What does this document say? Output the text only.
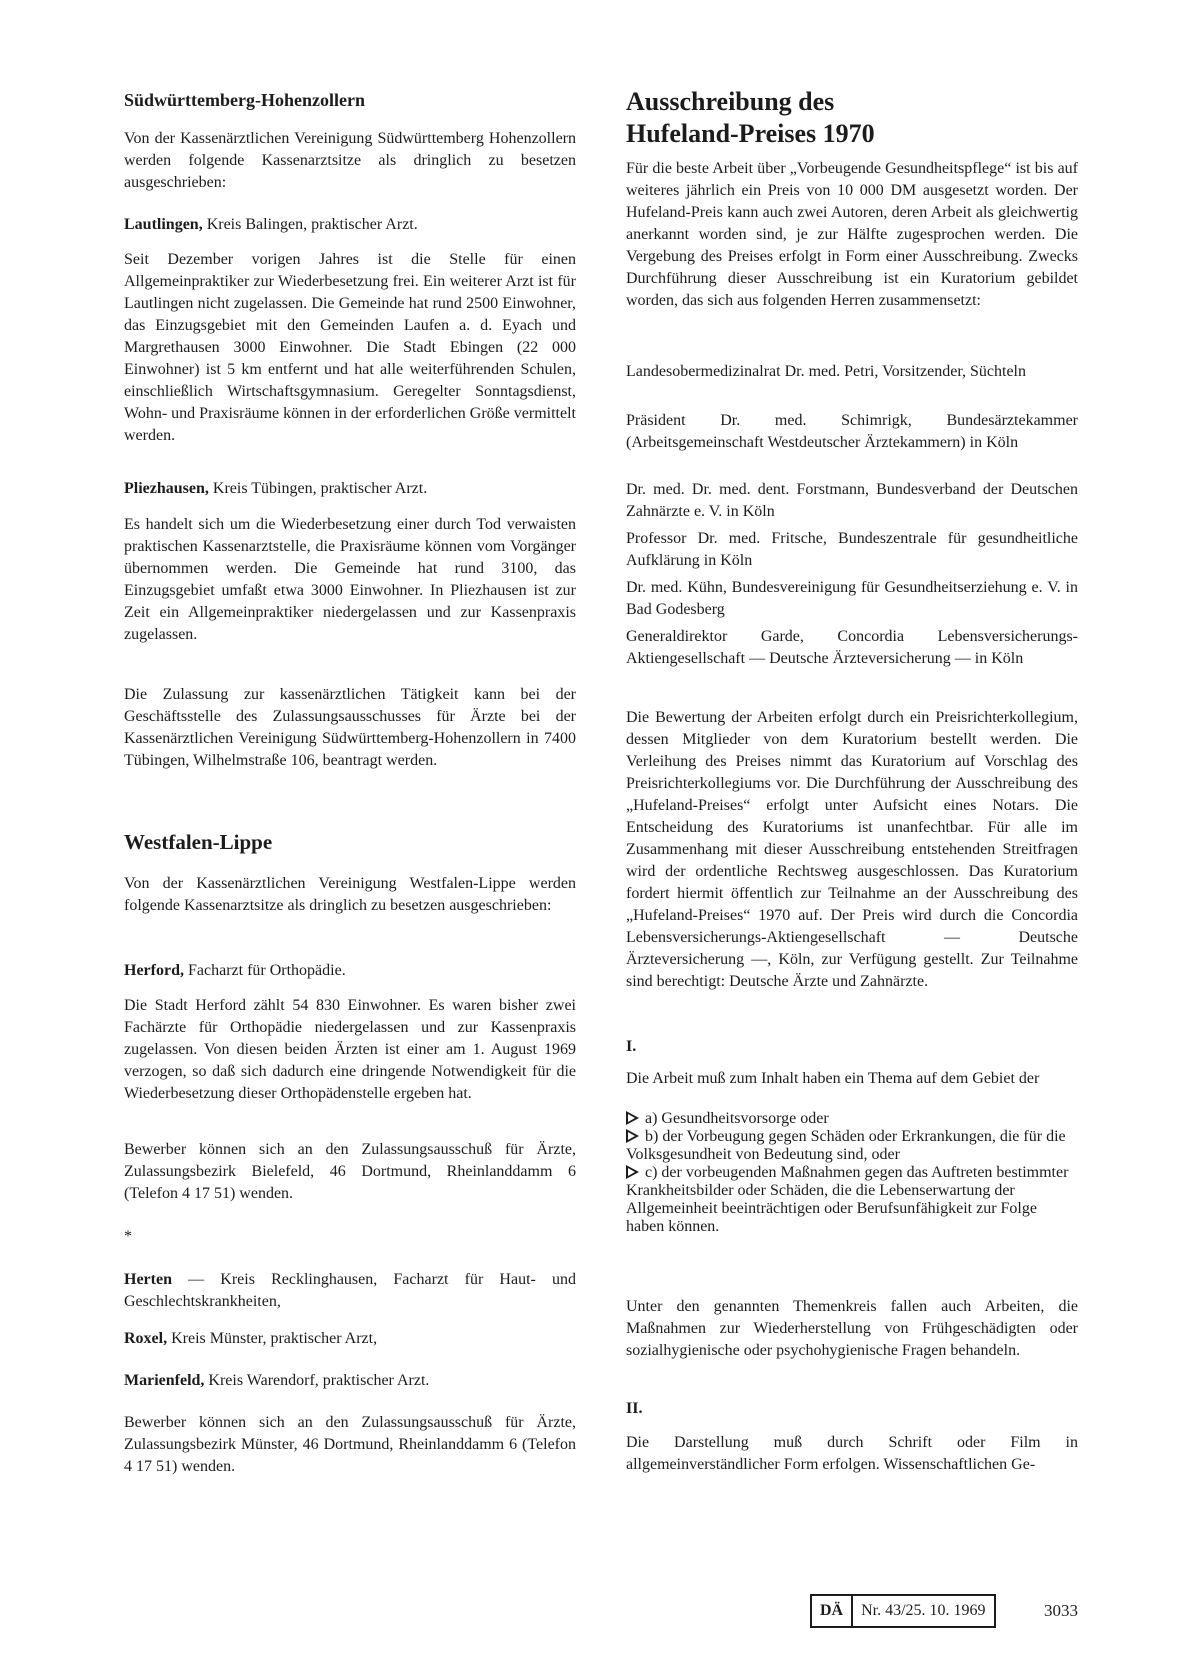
Südwürttemberg-Hohenzollern

Von der Kassenärztlichen Vereinigung Südwürttemberg Hohenzollern werden folgende Kassenarztsitze als dringlich zu besetzen ausgeschrieben:

Lautlingen, Kreis Balingen, praktischer Arzt.

Seit Dezember vorigen Jahres ist die Stelle für einen Allgemeinpraktiker zur Wiederbesetzung frei. Ein weiterer Arzt ist für Lautlingen nicht zugelassen. Die Gemeinde hat rund 2500 Einwohner, das Einzugsgebiet mit den Gemeinden Laufen a. d. Eyach und Margrethausen 3000 Einwohner. Die Stadt Ebingen (22 000 Einwohner) ist 5 km entfernt und hat alle weiterführenden Schulen, einschließlich Wirtschaftsgymnasium. Geregelter Sonntagsdienst, Wohn- und Praxisräume können in der erforderlichen Größe vermittelt werden.

Pliezhausen, Kreis Tübingen, praktischer Arzt.

Es handelt sich um die Wiederbesetzung einer durch Tod verwaisten praktischen Kassenarztstelle, die Praxisräume können vom Vorgänger übernommen werden. Die Gemeinde hat rund 3100, das Einzugsgebiet umfaßt etwa 3000 Einwohner. In Pliezhausen ist zur Zeit ein Allgemeinpraktiker niedergelassen und zur Kassenpraxis zugelassen.

Die Zulassung zur kassenärztlichen Tätigkeit kann bei der Geschäftsstelle des Zulassungsausschusses für Ärzte bei der Kassenärztlichen Vereinigung Südwürttemberg-Hohenzollern in 7400 Tübingen, Wilhelmstraße 106, beantragt werden.

Westfalen-Lippe

Von der Kassenärztlichen Vereinigung Westfalen-Lippe werden folgende Kassenarztsitze als dringlich zu besetzen ausgeschrieben:

Herford, Facharzt für Orthopädie.

Die Stadt Herford zählt 54 830 Einwohner. Es waren bisher zwei Fachärzte für Orthopädie niedergelassen und zur Kassenpraxis zugelassen. Von diesen beiden Ärzten ist einer am 1. August 1969 verzogen, so daß sich dadurch eine dringende Notwendigkeit für die Wiederbesetzung dieser Orthopädenstelle ergeben hat.

Bewerber können sich an den Zulassungsausschuß für Ärzte, Zulassungsbezirk Bielefeld, 46 Dortmund, Rheinlanddamm 6 (Telefon 4 17 51) wenden.

*

Herten — Kreis Recklinghausen, Facharzt für Haut- und Geschlechtskrankheiten,

Roxel, Kreis Münster, praktischer Arzt,

Marienfeld, Kreis Warendorf, praktischer Arzt.

Bewerber können sich an den Zulassungsausschuß für Ärzte, Zulassungsbezirk Münster, 46 Dortmund, Rheinlanddamm 6 (Telefon 4 17 51) wenden.

Ausschreibung des
Hufeland-Preises 1970

Für die beste Arbeit über „Vorbeugende Gesundheitspflege“ ist bis auf weiteres jährlich ein Preis von 10 000 DM ausgesetzt worden. Der Hufeland-Preis kann auch zwei Autoren, deren Arbeit als gleichwertig anerkannt worden sind, je zur Hälfte zugesprochen werden. Die Vergebung des Preises erfolgt in Form einer Ausschreibung. Zwecks Durchführung dieser Ausschreibung ist ein Kuratorium gebildet worden, das sich aus folgenden Herren zusammensetzt:

Landesobermedizinalrat Dr. med. Petri, Vorsitzender, Süchteln

Präsident Dr. med. Schimrigk, Bundesärztekammer (Arbeitsgemeinschaft Westdeutscher Ärztekammern) in Köln

Dr. med. Dr. med. dent. Forstmann, Bundesverband der Deutschen Zahnärzte e. V. in Köln

Professor Dr. med. Fritsche, Bundeszentrale für gesundheitliche Aufklärung in Köln

Dr. med. Kühn, Bundesvereinigung für Gesundheitserziehung e. V. in Bad Godesberg

Generaldirektor Garde, Concordia Lebensversicherungs-Aktiengesellschaft — Deutsche Ärzteversicherung — in Köln

Die Bewertung der Arbeiten erfolgt durch ein Preisrichterkollegium, dessen Mitglieder von dem Kuratorium bestellt werden. Die Verleihung des Preises nimmt das Kuratorium auf Vorschlag des Preisrichterkollegiums vor. Die Durchführung der Ausschreibung des „Hufeland-Preises“ erfolgt unter Aufsicht eines Notars. Die Entscheidung des Kuratoriums ist unanfechtbar. Für alle im Zusammenhang mit dieser Ausschreibung entstehenden Streitfragen wird der ordentliche Rechtsweg ausgeschlossen. Das Kuratorium fordert hiermit öffentlich zur Teilnahme an der Ausschreibung des „Hufeland-Preises“ 1970 auf. Der Preis wird durch die Concordia Lebensversicherungs-Aktiengesellschaft — Deutsche Ärzteversicherung —, Köln, zur Verfügung gestellt. Zur Teilnahme sind berechtigt: Deutsche Ärzte und Zahnärzte.

I.

Die Arbeit muß zum Inhalt haben ein Thema auf dem Gebiet der

a) Gesundheitsvorsorge oder

b) der Vorbeugung gegen Schäden oder Erkrankungen, die für die Volksgesundheit von Bedeutung sind, oder

c) der vorbeugenden Maßnahmen gegen das Auftreten bestimmter Krankheitsbilder oder Schäden, die die Lebenserwartung der Allgemeinheit beeinträchtigen oder Berufsunfähigkeit zur Folge haben können.

Unter den genannten Themenkreis fallen auch Arbeiten, die Maßnahmen zur Wiederherstellung von Frühgeschädigten oder sozialhygienische oder psychohygienische Fragen behandeln.

II.

Die Darstellung muß durch Schrift oder Film in allgemeinverständlicher Form erfolgen. Wissenschaftlichen Ge-

DÄ	Nr. 43/25. 10. 1969	3033
